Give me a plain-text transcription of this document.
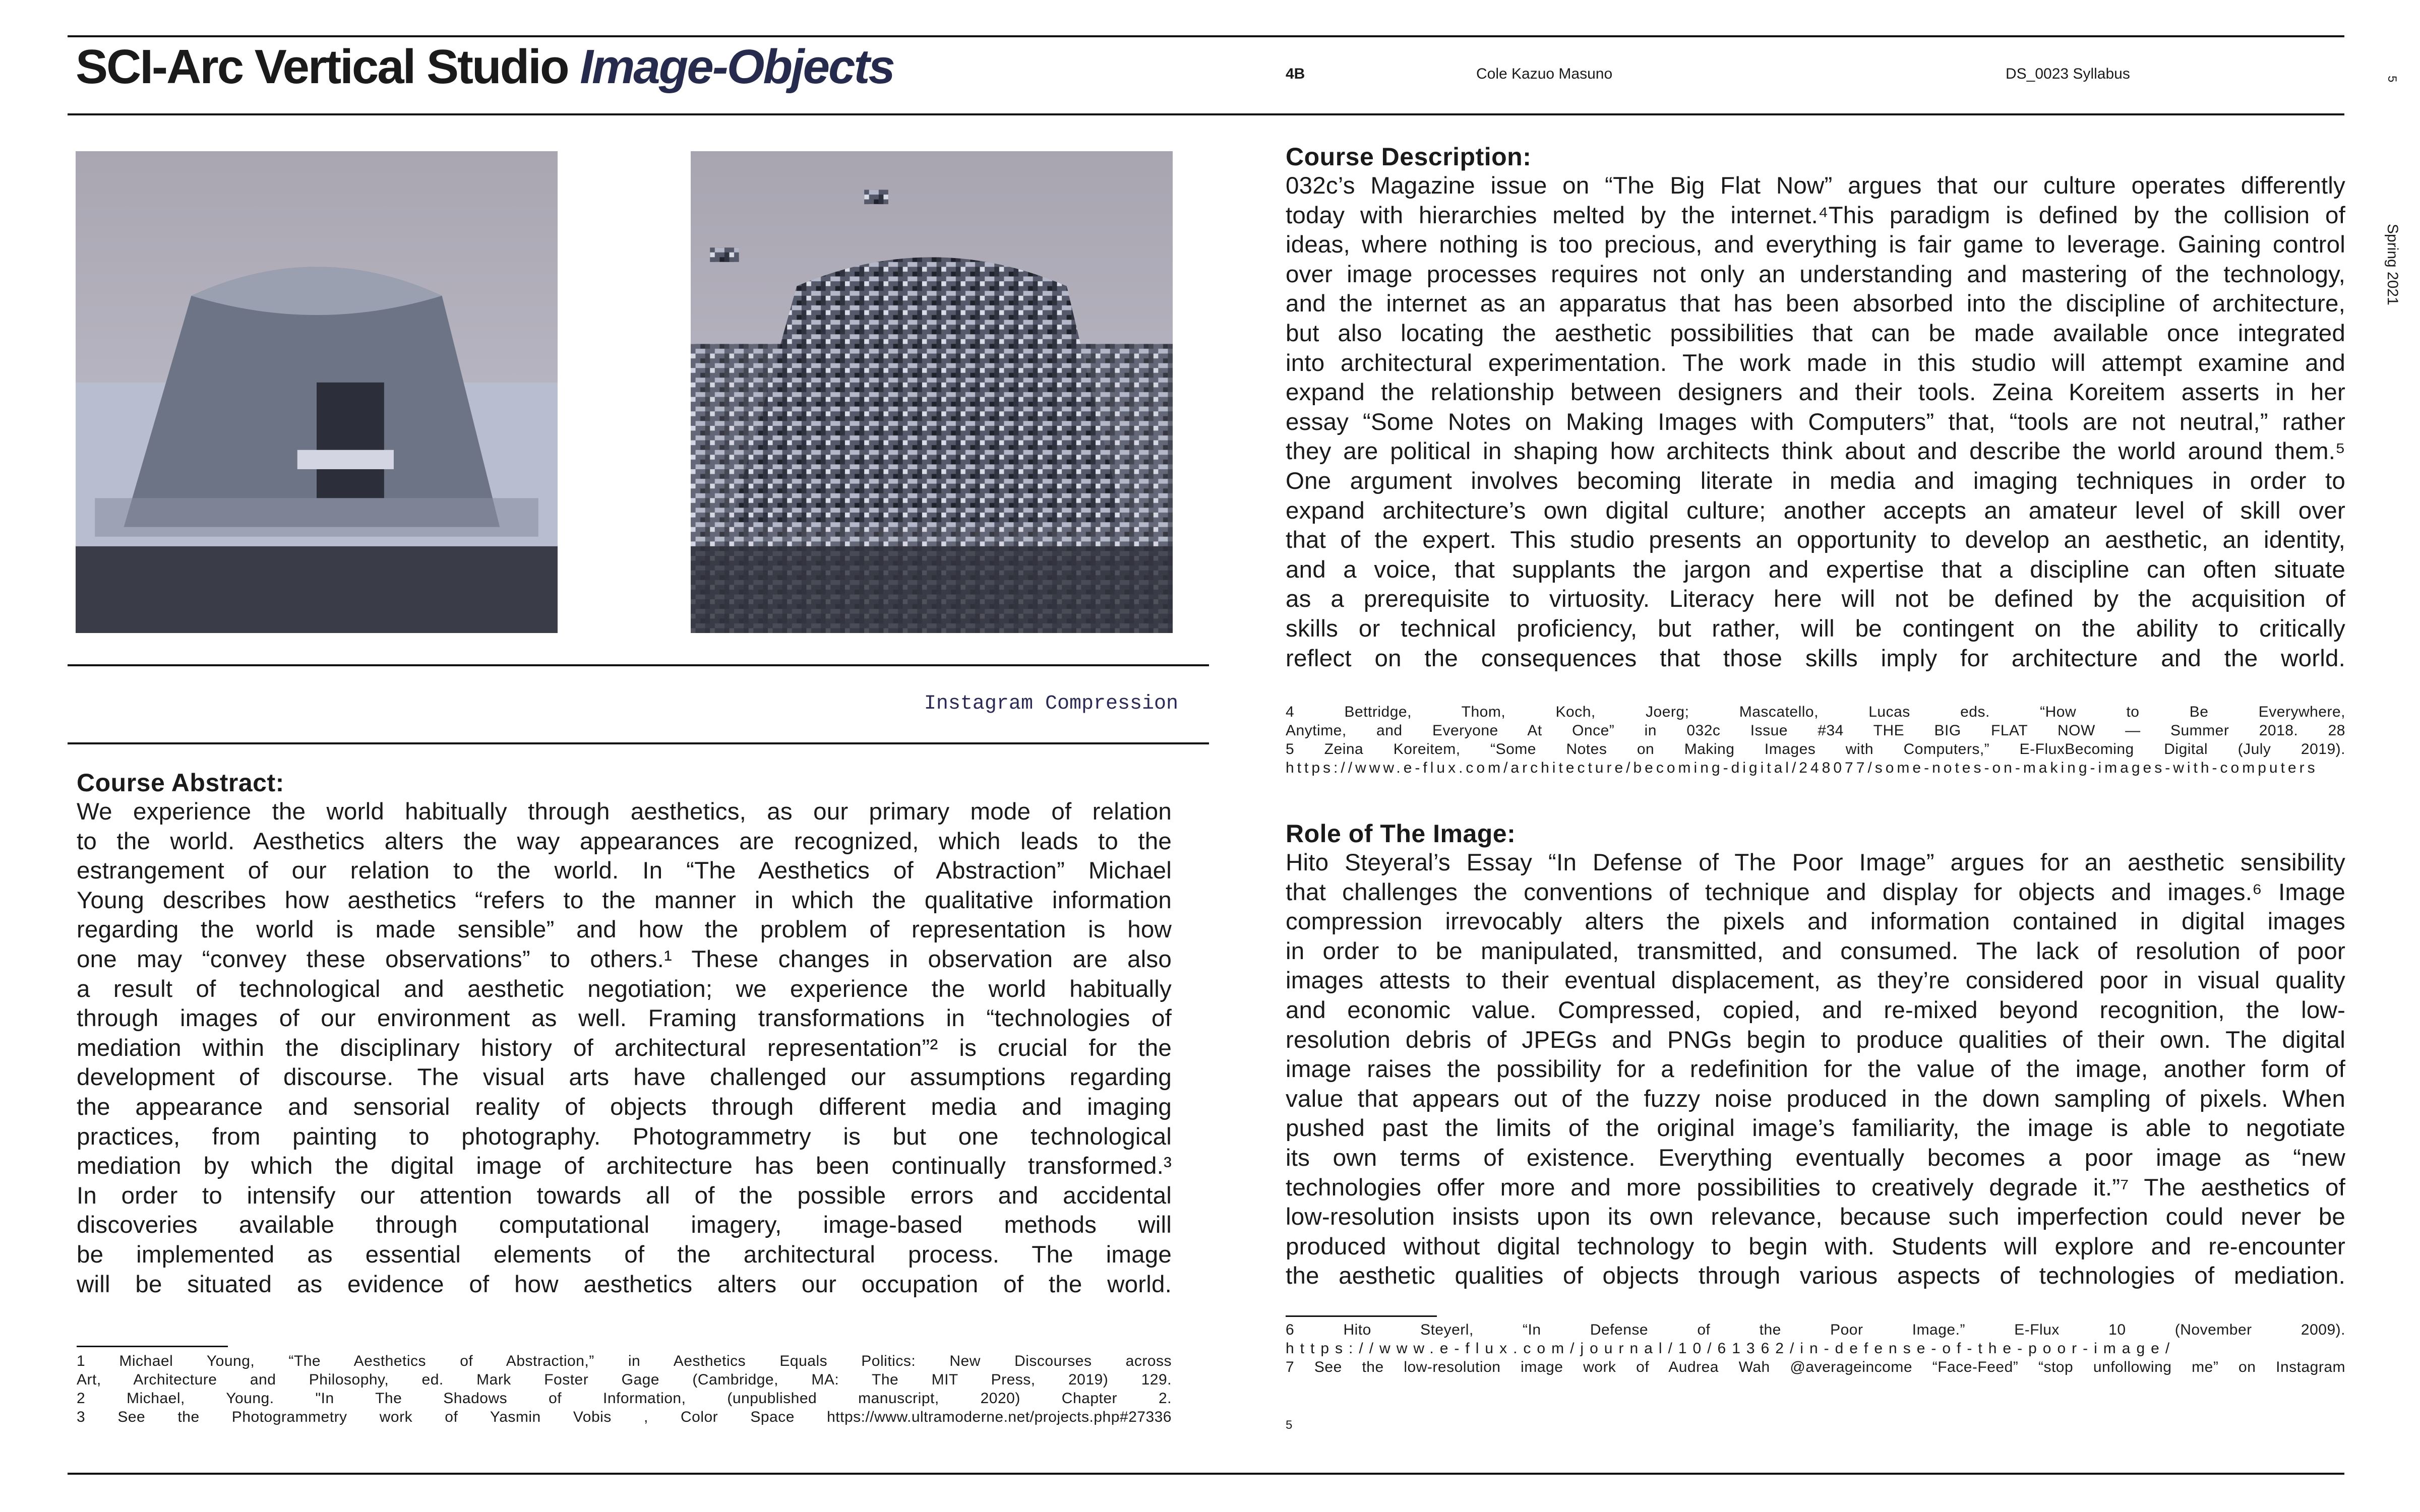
SCI-Arc Vertical Studio Image-Objects	4B	Cole Kazuo Masuno	DS_0023 Syllabus	5
Spring 2021
Instagram Compression
Course Abstract:

We experience the world habitually through aesthetics, as our primary mode of relation

to the world. Aesthetics alters the way appearances are recognized, which leads to the

estrangement of our relation to the world. In “The Aesthetics of Abstraction” Michael

Young describes how aesthetics “refers to the manner in which the qualitative information

regarding the world is made sensible” and how the problem of representation is how

one may “convey these observations” to others.¹ These changes in observation are also

a result of technological and aesthetic negotiation; we experience the world habitually

through images of our environment as well. Framing transformations in “technologies of

mediation within the disciplinary history of architectural representation”² is crucial for the

development of discourse. The visual arts have challenged our assumptions regarding

the appearance and sensorial reality of objects through different media and imaging

practices, from painting to photography. Photogrammetry is but one technological

mediation by which the digital image of architecture has been continually transformed.³

In order to intensify our attention towards all of the possible errors and accidental

discoveries available through computational imagery, image-based methods will

be implemented as essential elements of the architectural process. The image

will be situated as evidence of how aesthetics alters our occupation of the world.

1 Michael Young, “The Aesthetics of Abstraction,” in Aesthetics Equals Politics: New Discourses across

Art, Architecture and Philosophy, ed. Mark Foster Gage (Cambridge, MA: The MIT Press, 2019) 129.

2 Michael, Young. "In The Shadows of Information, (unpublished manuscript, 2020) Chapter 2.

3 See the Photogrammetry work of Yasmin Vobis , Color Space https://www.ultramoderne.net/projects.php#27336

Course Description:

032c’s Magazine issue on “The Big Flat Now” argues that our culture operates differently

today with hierarchies melted by the internet.⁴This paradigm is defined by the collision of

ideas, where nothing is too precious, and everything is fair game to leverage. Gaining control

over image processes requires not only an understanding and mastering of the technology,

and the internet as an apparatus that has been absorbed into the discipline of architecture,

but also locating the aesthetic possibilities that can be made available once integrated

into architectural experimentation. The work made in this studio will attempt examine and

expand the relationship between designers and their tools. Zeina Koreitem asserts in her

essay “Some Notes on Making Images with Computers” that, “tools are not neutral,” rather

they are political in shaping how architects think about and describe the world around them.⁵

One argument involves becoming literate in media and imaging techniques in order to

expand architecture’s own digital culture; another accepts an amateur level of skill over

that of the expert. This studio presents an opportunity to develop an aesthetic, an identity,

and a voice, that supplants the jargon and expertise that a discipline can often situate

as a prerequisite to virtuosity. Literacy here will not be defined by the acquisition of

skills or technical proficiency, but rather, will be contingent on the ability to critically

reflect on the consequences that those skills imply for architecture and the world.

4 Bettridge, Thom, Koch, Joerg; Mascatello, Lucas eds. “How to Be Everywhere,

Anytime, and Everyone At Once” in 032c Issue #34 THE BIG FLAT NOW — Summer 2018. 28

5 Zeina Koreitem, “Some Notes on Making Images with Computers,” E-FluxBecoming Digital (July 2019).

https://www.e-flux.com/architecture/becoming-digital/248077/some-notes-on-making-images-with-computers

Role of The Image:

Hito Steyeral’s Essay “In Defense of The Poor Image” argues for an aesthetic sensibility

that challenges the conventions of technique and display for objects and images.⁶ Image

compression irrevocably alters the pixels and information contained in digital images

in order to be manipulated, transmitted, and consumed. The lack of resolution of poor

images attests to their eventual displacement, as they’re considered poor in visual quality

and economic value. Compressed, copied, and re-mixed beyond recognition, the low-

resolution debris of JPEGs and PNGs begin to produce qualities of their own. The digital

image raises the possibility for a redefinition for the value of the image, another form of

value that appears out of the fuzzy noise produced in the down sampling of pixels. When

pushed past the limits of the original image’s familiarity, the image is able to negotiate

its own terms of existence. Everything eventually becomes a poor image as “new

technologies offer more and more possibilities to creatively degrade it.”⁷ The aesthetics of

low-resolution insists upon its own relevance, because such imperfection could never be

produced without digital technology to begin with. Students will explore and re-encounter

the aesthetic qualities of objects through various aspects of technologies of mediation.

6 Hito Steyerl, “In Defense of the Poor Image.” E-Flux 10 (November 2009).

https://www.e-flux.com/journal/10/61362/in-defense-of-the-poor-image/

7 See the low-resolution image work of Audrea Wah @averageincome “Face-Feed” “stop unfollowing me” on Instagram

5
